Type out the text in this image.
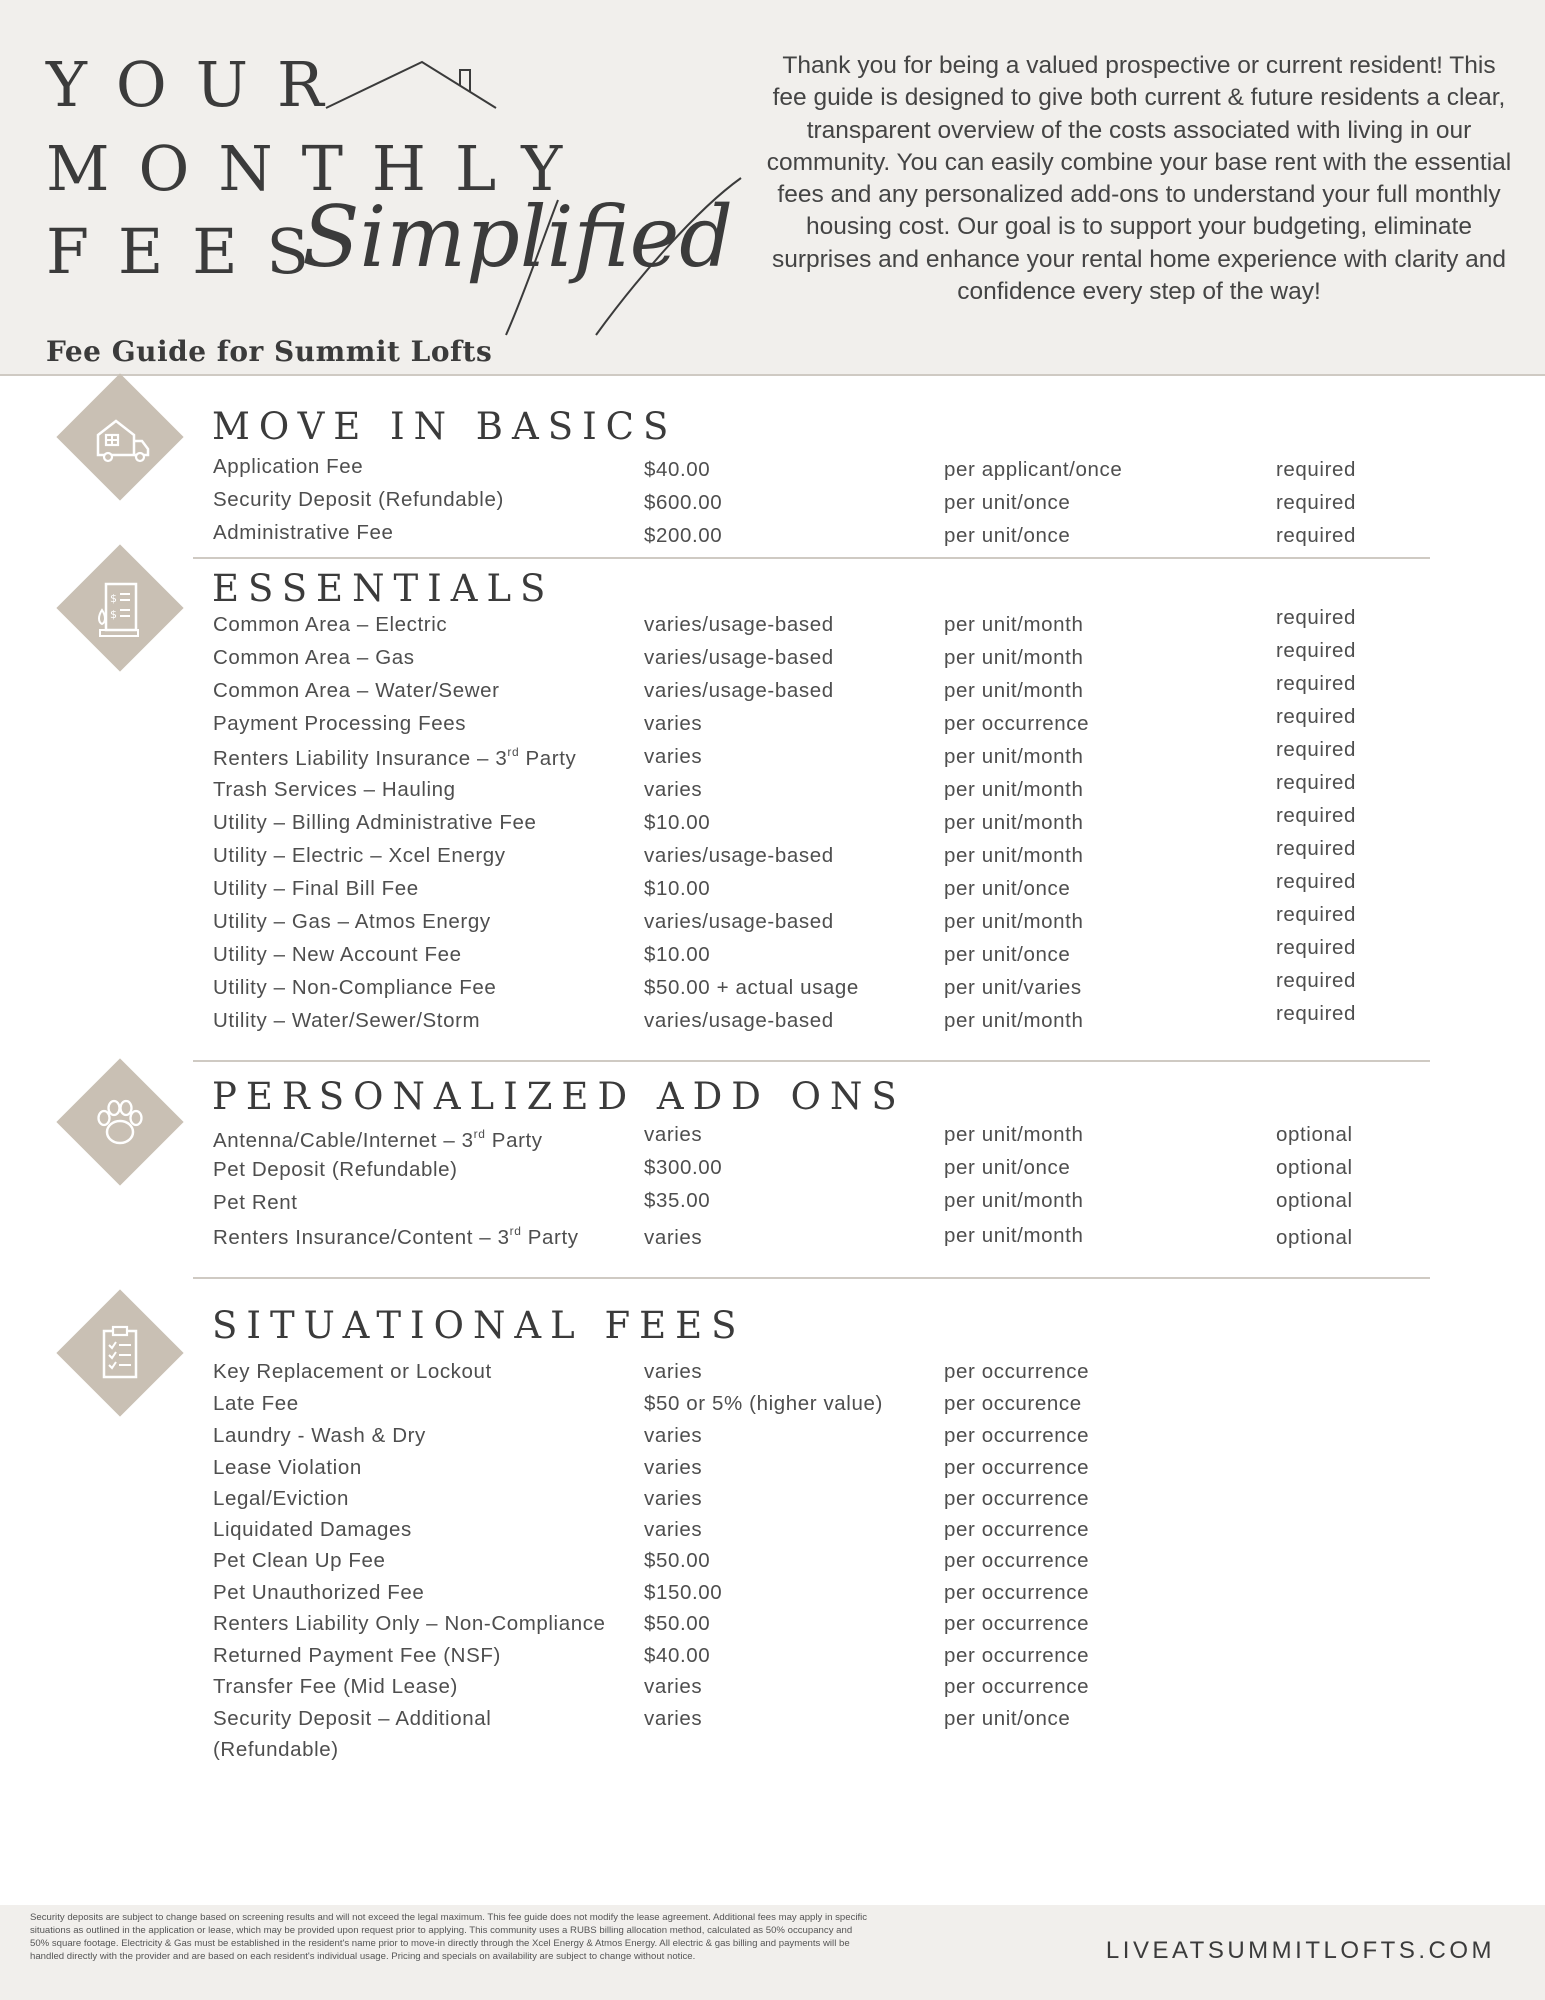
YOUR
MONTHLY
FEES
Simplified
Fee Guide for Summit Lofts
Thank you for being a valued prospective or current resident! This fee guide is designed to give both current & future residents a clear, transparent overview of the costs associated with living in our community. You can easily combine your base rent with the essential fees and any personalized add-ons to understand your full monthly housing cost. Our goal is to support your budgeting, eliminate surprises and enhance your rental home experience with clarity and confidence every step of the way!
MOVE IN BASICS
Application Fee	$40.00	per applicant/once	required
Security Deposit (Refundable)	$600.00	per unit/once	required
Administrative Fee	$200.00	per unit/once	required
$
$
ESSENTIALS
Common Area – Electric	varies/usage-based	per unit/month	required
Common Area – Gas	varies/usage-based	per unit/month	required
Common Area – Water/Sewer	varies/usage-based	per unit/month	required
Payment Processing Fees	varies	per occurrence	required
Renters Liability Insurance – 3rd Party	varies	per unit/month	required
Trash Services – Hauling	varies	per unit/month	required
Utility – Billing Administrative Fee	$10.00	per unit/month	required
Utility – Electric – Xcel Energy	varies/usage-based	per unit/month	required
Utility – Final Bill Fee	$10.00	per unit/once	required
Utility – Gas – Atmos Energy	varies/usage-based	per unit/month	required
Utility – New Account Fee	$10.00	per unit/once	required
Utility – Non-Compliance Fee	$50.00 + actual usage	per unit/varies	required
Utility – Water/Sewer/Storm	varies/usage-based	per unit/month	required
PERSONALIZED ADD ONS
Antenna/Cable/Internet – 3rd Party	varies	per unit/month	optional
Pet Deposit (Refundable)	$300.00	per unit/once	optional
Pet Rent	$35.00	per unit/month	optional
Renters Insurance/Content – 3rd Party	varies	per unit/month	optional
SITUATIONAL FEES
Key Replacement or Lockout	varies	per occurrence
Late Fee	$50 or 5% (higher value)	per occurence
Laundry - Wash & Dry	varies	per occurrence
Lease Violation	varies	per occurrence
Legal/Eviction	varies	per occurrence
Liquidated Damages	varies	per occurrence
Pet Clean Up Fee	$50.00	per occurrence
Pet Unauthorized Fee	$150.00	per occurrence
Renters Liability Only – Non-Compliance $50.00	per occurrence
Returned Payment Fee (NSF)	$40.00	per occurrence
Transfer Fee (Mid Lease)	varies	per occurrence
Security Deposit – Additional	varies	per unit/once
(Refundable)
Security deposits are subject to change based on screening results and will not exceed the legal maximum. This fee guide does not modify the lease agreement. Additional fees may apply in specific situations as outlined in the application or lease, which may be provided upon request prior to applying. This community uses a RUBS billing allocation method, calculated as 50% occupancy and 50% square footage. Electricity & Gas must be established in the resident's name prior to move-in directly through the Xcel Energy & Atmos Energy. All electric & gas billing and payments will be handled directly with the provider and are based on each resident's individual usage. Pricing and specials on availability are subject to change without notice.	LIVEATSUMMITLOFTS.COM
